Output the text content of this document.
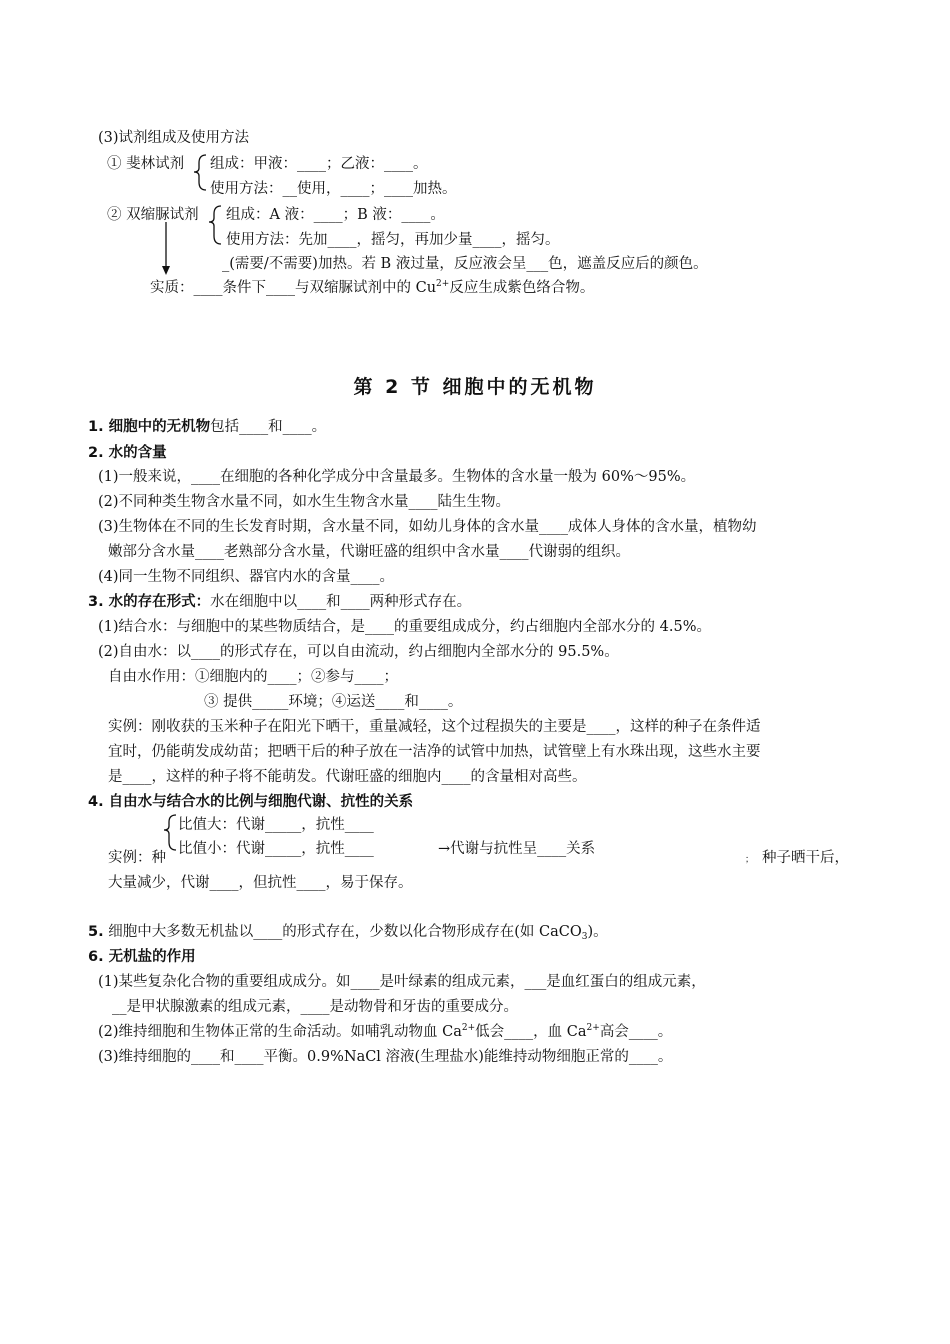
(3)试剂组成及使用方法
① 斐林试剂 组成：甲液：____；乙液：____。
使用方法：__使用，____；____加热。
② 双缩脲试剂 组成：A 液：____；B 液：____。
使用方法：先加____，摇匀，再加少量____，摇匀。
_(需要/不需要)加热。若 B 液过量，反应液会呈___色，遮盖反应后的颜色。
实质：____条件下____与双缩脲试剂中的 $Cu^{2+}$反应生成紫色络合物。
第 2 节 细胞中的无机物
1. 细胞中的无机物包括____和____。
2. 水的含量
(1)一般来说，____在细胞的各种化学成分中含量最多。生物体的含水量一般为 60%～95%。
(2)不同种类生物含水量不同，如水生生物含水量____陆生生物。
(3)生物体在不同的生长发育时期，含水量不同，如幼儿身体的含水量____成体人身体的含水量，植物幼
嫩部分含水量____老熟部分含水量，代谢旺盛的组织中含水量____代谢弱的组织。
(4)同一生物不同组织、器官内水的含量____。
3. 水的存在形式：水在细胞中以____和____两种形式存在。
(1)结合水：与细胞中的某些物质结合，是____的重要组成成分，约占细胞内全部水分的 4.5%。
(2)自由水：以____的形式存在，可以自由流动，约占细胞内全部水分的 95.5%。
自由水作用：①细胞内的____；②参与____；
③ 提供_____环境；④运送____和____。
实例：刚收获的玉米种子在阳光下晒干，重量减轻，这个过程损失的主要是____，这样的种子在条件适
宜时，仍能萌发成幼苗；把晒干后的种子放在一洁净的试管中加热，试管壁上有水珠出现，这些水主要
是____，这样的种子将不能萌发。代谢旺盛的细胞内____的含量相对高些。
4. 自由水与结合水的比例与细胞代谢、抗性的关系
比值大：代谢_____，抗性____
比值小：代谢_____，抗性____	→代谢与抗性呈____关系
实例：种	； 种子晒干后，
大量减少，代谢____，但抗性____，易于保存。
5. 细胞中大多数无机盐以____的形式存在，少数以化合物形成存在(如 CaCO$_3$)。
6. 无机盐的作用
(1)某些复杂化合物的重要组成成分。如____是叶绿素的组成元素，___是血红蛋白的组成元素，
__是甲状腺激素的组成元素，____是动物骨和牙齿的重要成分。
(2)维持细胞和生物体正常的生命活动。如哺乳动物血 $Ca^{2+}$低会____，血 $Ca^{2+}$高会____。
(3)维持细胞的____和____平衡。0.9%NaCl 溶液(生理盐水)能维持动物细胞正常的____。
